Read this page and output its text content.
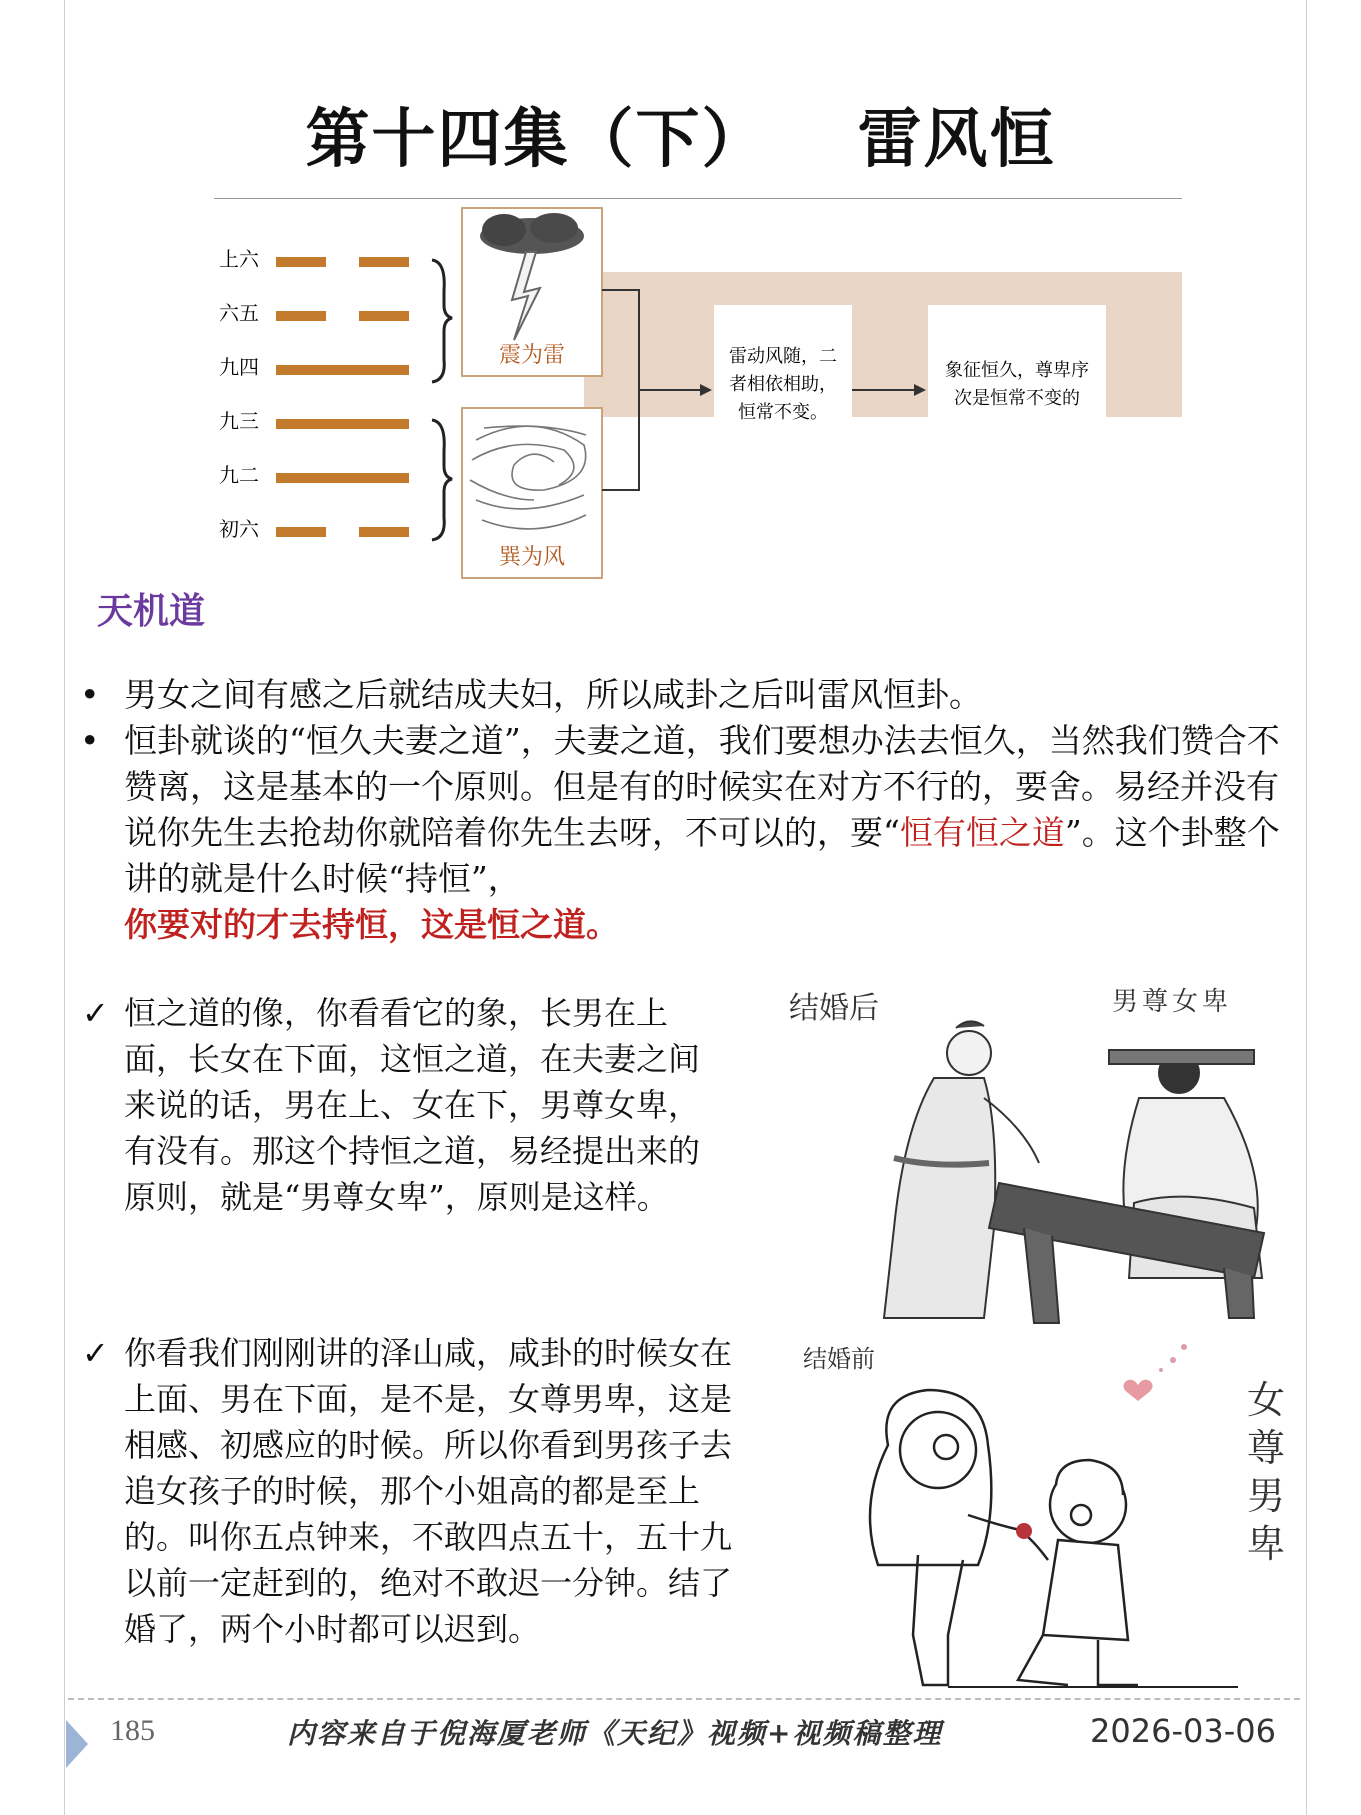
第十四集（下） 雷风恒
上六
六五
九四
九三
九二
初六
震为雷
巽为风
雷动风随，二
者相依相助，
恒常不变。
象征恒久，尊卑序
次是恒常不变的
天机道
• 男女之间有感之后就结成夫妇，所以咸卦之后叫雷风恒卦。
• 恒卦就谈的“恒久夫妻之道”，夫妻之道，我们要想办法去恒久，当然我们赞合不赞离，这是基本的一个原则。但是有的时候实在对方不行的，要舍。易经并没有说你先生去抢劫你就陪着你先生去呀，不可以的，要“恒有恒之道”。这个卦整个讲的就是什么时候“持恒”，
你要对的才去持恒，这是恒之道。
✓ 恒之道的像，你看看它的象，长男在上面，长女在下面，这恒之道，在夫妻之间来说的话，男在上、女在下，男尊女卑，有没有。那这个持恒之道，易经提出来的原则，就是“男尊女卑”，原则是这样。
✓ 你看我们刚刚讲的泽山咸，咸卦的时候女在上面、男在下面，是不是，女尊男卑，这是相感、初感应的时候。所以你看到男孩子去追女孩子的时候，那个小姐高的都是至上的。叫你五点钟来，不敢四点五十，五十九以前一定赶到的，绝对不敢迟一分钟。结了婚了，两个小时都可以迟到。
结婚后	男尊女卑
结婚前
女
尊
男
卑
185	内容来自于倪海厦老师《天纪》视频+视频稿整理	2026-03-06
